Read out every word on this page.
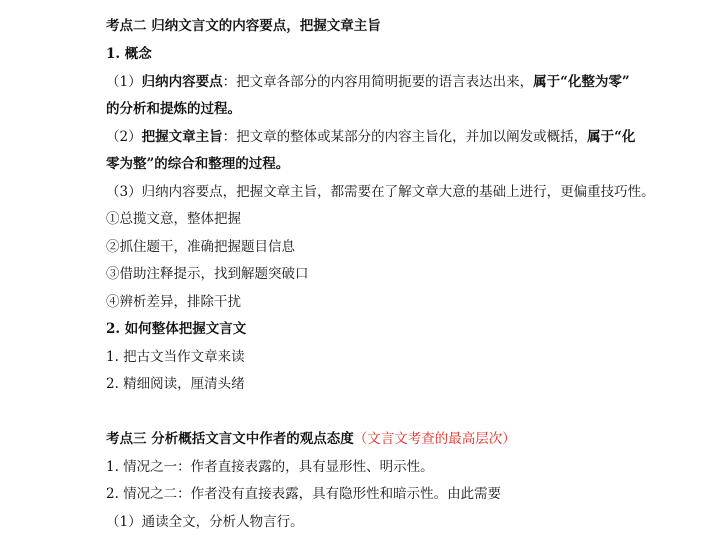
考点二 归纳文言文的内容要点，把握文章主旨
1. 概念
（1）归纳内容要点：把文章各部分的内容用简明扼要的语言表达出来，属于“化整为零”
的分析和提炼的过程。
（2）把握文章主旨：把文章的整体或某部分的内容主旨化，并加以阐发或概括，属于“化
零为整”的综合和整理的过程。
（3）归纳内容要点，把握文章主旨，都需要在了解文章大意的基础上进行，更偏重技巧性。
①总揽文意，整体把握
②抓住题干，准确把握题目信息
③借助注释提示，找到解题突破口
④辨析差异，排除干扰
2. 如何整体把握文言文
1. 把古文当作文章来读
2. 精细阅读，厘清头绪
考点三 分析概括文言文中作者的观点态度（文言文考查的最高层次）
1. 情况之一：作者直接表露的，具有显形性、明示性。
2. 情况之二：作者没有直接表露，具有隐形性和暗示性。由此需要
（1）通读全文，分析人物言行。
